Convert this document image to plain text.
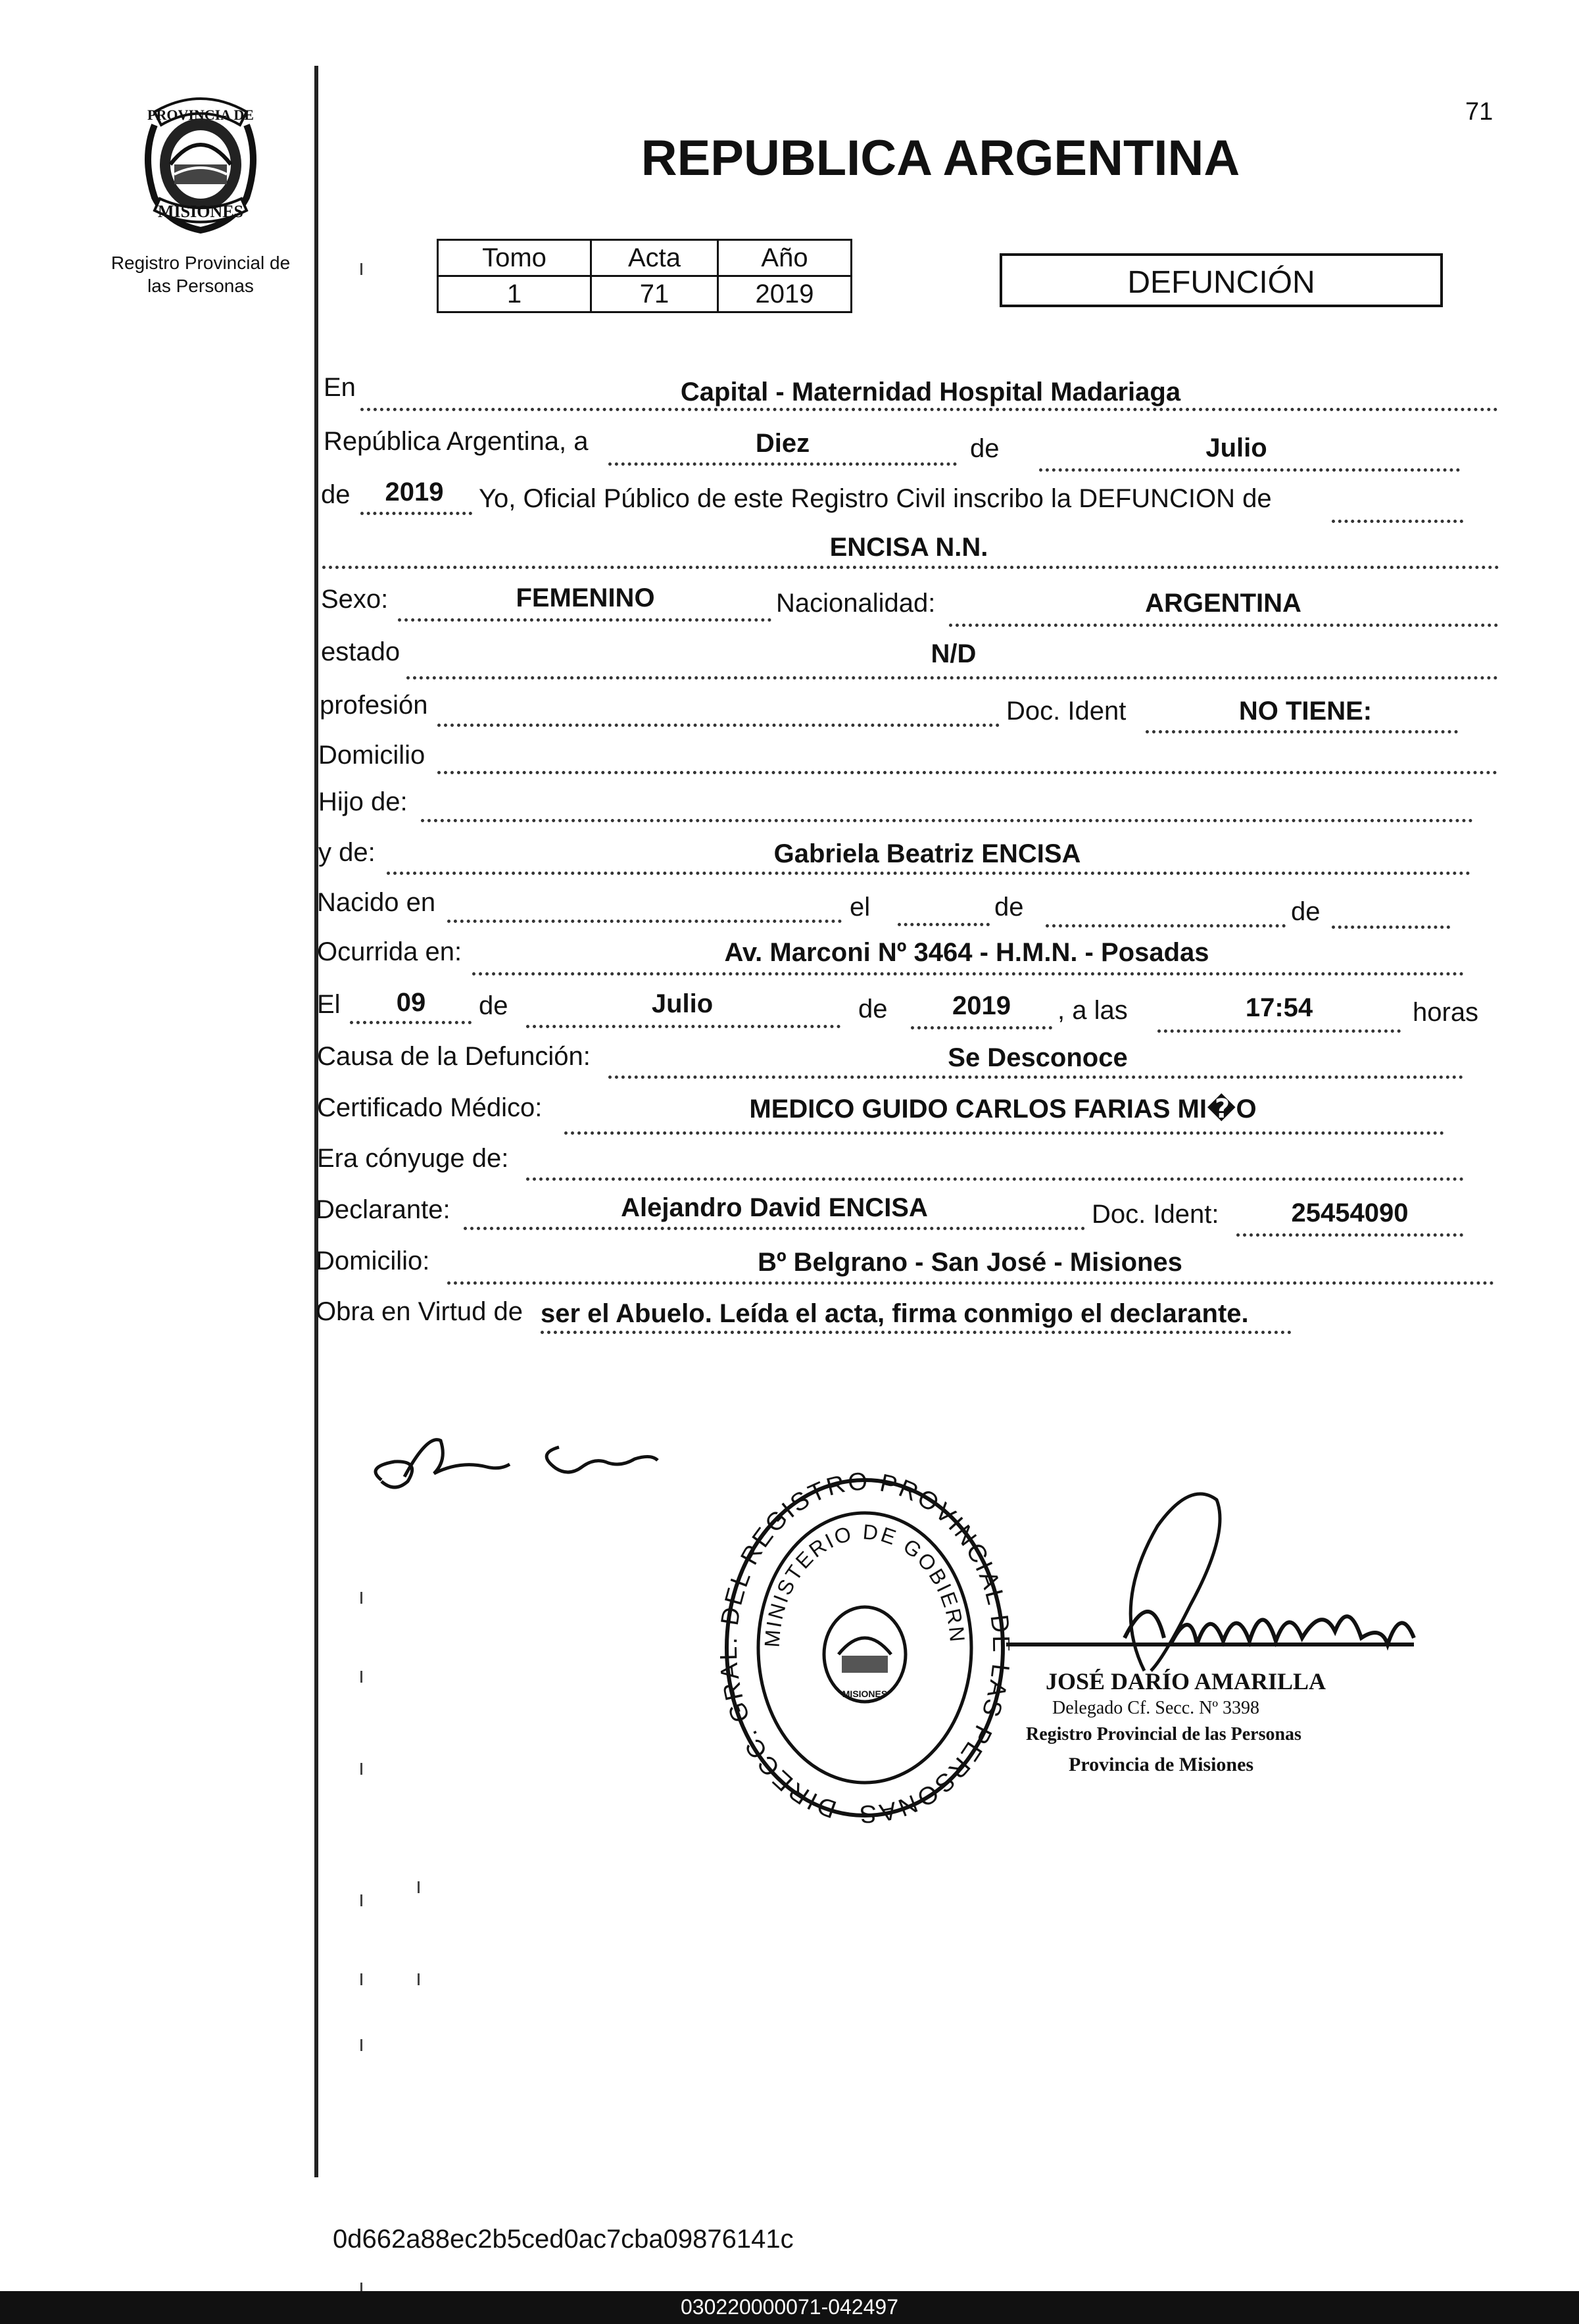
71
PROVINCIA DE
MISIONES
Registro Provincial de
las Personas
REPUBLICA ARGENTINA
Tomo	Acta	Año
1	71	2019	DEFUNCIÓN
En	Capital - Maternidad Hospital Madariaga
República Argentina, a	Diez	de	Julio
de	2019	Yo, Oficial Público de este Registro Civil inscribo la DEFUNCION de
ENCISA N.N.
Sexo:	FEMENINO	Nacionalidad:	ARGENTINA
estado	N/D
profesión	Doc. Ident	NO TIENE:
Domicilio
Hijo de:
y de:	Gabriela Beatriz ENCISA
Nacido en	el	de	de
Ocurrida en:	Av. Marconi Nº 3464 - H.M.N. - Posadas
El	09	de	Julio	de	2019	, a las	17:54	horas
Causa de la Defunción:	Se Desconoce
Certificado Médico:	MEDICO GUIDO CARLOS FARIAS MI�O
Era cónyuge de:
Declarante:	Alejandro David ENCISA	Doc. Ident:	25454090
Domicilio:	Bº Belgrano - San José - Misiones
Obra en Virtud de ser el Abuelo. Leída el acta, firma conmigo el declarante.
DIRECC. GR EL REGISTRO PROVINCIAL AS PERSONAS
MINISTERIO DE GOBIERN
MISIONES	JOSÉ DARÍO AMARILLA
Delegado Cf. Secc. Nº 3398
Registro Provincial de las Personas
Provincia de Misiones
0d662a88ec2b5ced0ac7cba09876141c
030220000071-042497
